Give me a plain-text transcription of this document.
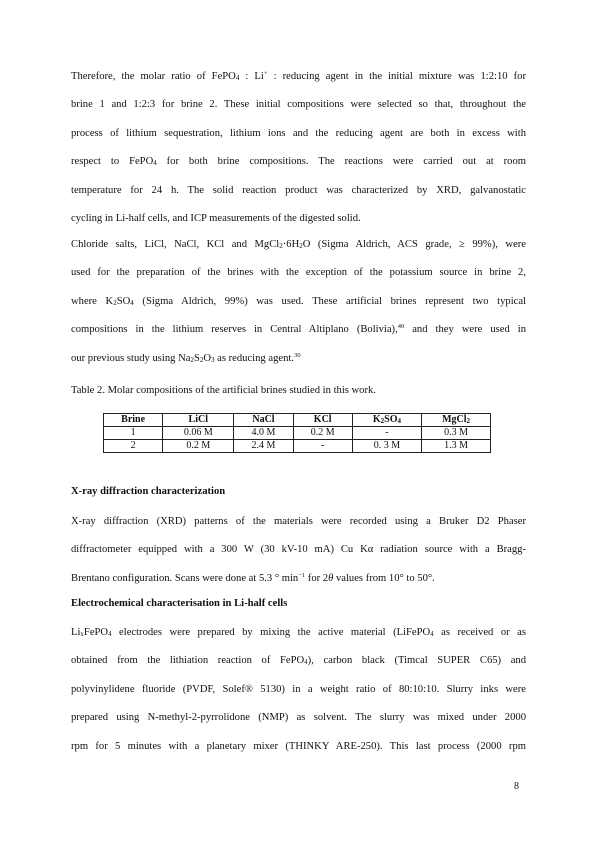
Therefore, the molar ratio of FePO$_4$ : Li+ : reducing agent in the initial mixture was 1:2:10 for
brine 1 and 1:2:3 for brine 2. These initial compositions were selected so that, throughout the
process of lithium sequestration, lithium ions and the reducing agent are both in excess with
respect to FePO$_4$ for both brine compositions. The reactions were carried out at room
temperature for 24 h. The solid reaction product was characterized by XRD, galvanostatic
cycling in Li-half cells, and ICP measurements of the digested solid.
Chloride salts, LiCl, NaCl, KCl and $MgCl_2\cdot 6H_2O$ (Sigma Aldrich, ACS grade, ≥ 99%), were
used for the preparation of the brines with the exception of the potassium source in brine 2,
where $K_2SO_4$ (Sigma Aldrich, 99%) was used. These artificial brines represent two typical
compositions in the lithium reserves in Central Altiplano (Bolivia),$^{40}$ and they were used in
our previous study using $Na_2S_2O_3$ as reducing agent.$^{30}$
Table 2. Molar compositions of the artificial brines studied in this work.
Brine	LiCl	NaCl	KCl	$K_2SO_4$	MgCl$_2$
1	0.06 M	4.0 M	0.2 M	-	0.3 M
2	0.2 M	2.4 M	-	0. 3 M	1.3 M
X-ray diffraction characterization
X-ray diffraction (XRD) patterns of the materials were recorded using a Bruker D2 Phaser
diffractometer equipped with a 300 W (30 kV-10 mA) Cu Kα radiation source with a Bragg-
Brentano configuration. Scans were done at 5.3 ° $\min^{-1}$ for 2θ values from 10° to 50°.
Electrochemical characterisation in Li-half cells
$Li_xFePO_4$ electrodes were prepared by mixing the active material (LiFePO$_4$ as received or as
obtained from the lithiation reaction of FePO$_4$), carbon black (Timcal SUPER C65) and
polyvinylidene fluoride (PVDF, Solef® 5130) in a weight ratio of 80:10:10. Slurry inks were
prepared using N-methyl-2-pyrrolidone (NMP) as solvent. The slurry was mixed under 2000
rpm for 5 minutes with a planetary mixer (THINKY ARE-250). This last process (2000 rpm
8
